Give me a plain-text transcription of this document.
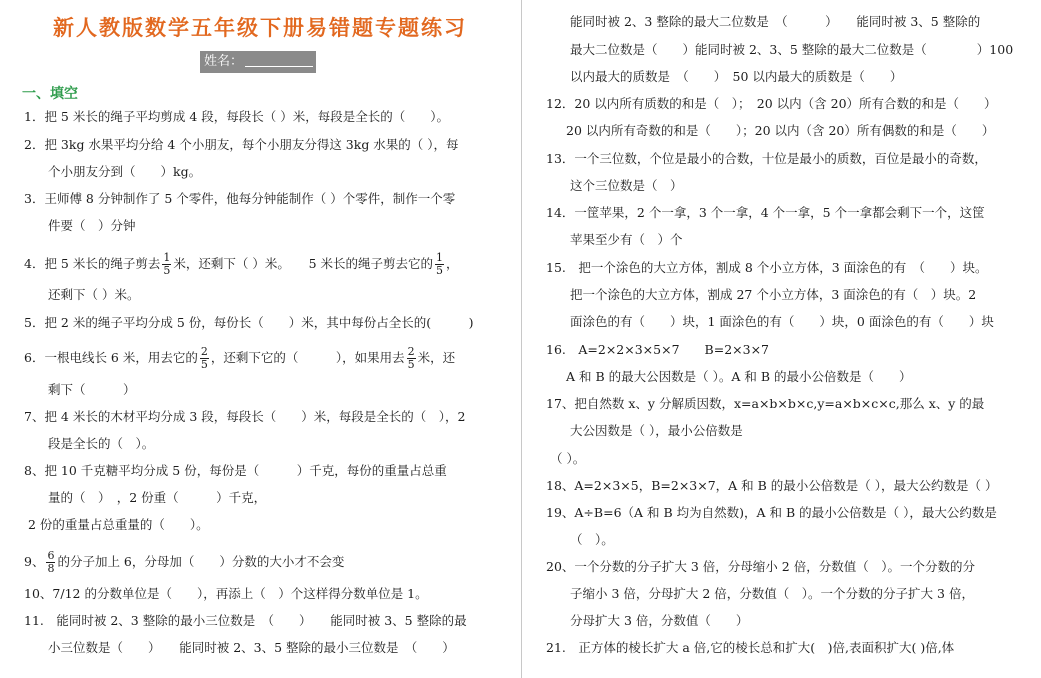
新人教版数学五年级下册易错题专题练习
姓名：
一、填空
1．把 5 米长的绳子平均剪成 4 段，每段长（ ）米，每段是全长的（　　）。
2．把 3kg 水果平均分给 4 个小朋友，每个小朋友分得这 3kg 水果的（ ），每
个小朋友分到（　　）kg。
3．王师傅 8 分钟制作了 5 个零件，他每分钟能制作（ ）个零件，制作一个零
件要（　）分钟
4．把 5 米长的绳子剪去 $\frac{1}{5}$ 米，还剩下（ ）米。　　5 米长的绳子剪去它的 $\frac{1}{5}$ ，
还剩下（ ）米。
5．把 2 米的绳子平均分成 5 份，每份长（　　）米，其中每份占全长的(　　　)
6．一根电线长 6 米，用去它的 $\frac{2}{5}$ ，还剩下它的（　　　），如果用去 $\frac{2}{5}$ 米，还
剩下（　　　）
7、把 4 米长的木材平均分成 3 段，每段长（　　）米，每段是全长的（　），2
段是全长的（　）。
8、把 10 千克糖平均分成 5 份，每份是（　　　）千克，每份的重量占总重
量的（　）　，2 份重（　　　）千克，
2 份的重量占总重量的（　　）。
9、 $\frac{6}{8}$ 的分子加上 6，分母加（　　）分数的大小才不会变
10、7/12 的分数单位是（　　），再添上（　）个这样得分数单位是 1。
11.　能同时被 2、3 整除的最小三位数是　（　　）　　能同时被 3、5 整除的最
小三位数是（　　）　　能同时被 2、3、5 整除的最小三位数是　（　　）
能同时被 2、3 整除的最大二位数是　（　　　）　　能同时被 3、5 整除的
最大二位数是（　　）能同时被 2、3、5 整除的最大二位数是（　　　　）100
以内最大的质数是　（　　）　50 以内最大的质数是（　　）
12．20 以内所有质数的和是（　）；　20 以内（含 20）所有合数的和是（　　）
20 以内所有奇数的和是（　　）；20 以内（含 20）所有偶数的和是（　　）
13．一个三位数，个位是最小的合数，十位是最小的质数，百位是最小的奇数，
这个三位数是（　）
14．一筐苹果，2 个一拿，3 个一拿，4 个一拿，5 个一拿都会剩下一个，这筐
苹果至少有（　）个
15.　把一个涂色的大立方体，割成 8 个小立方体，3 面涂色的有　（　　）块。
把一个涂色的大立方体，割成 27 个小立方体，3 面涂色的有（　）块。2
面涂色的有（　　）块，1 面涂色的有（　　）块，0 面涂色的有（　　）块
16.　A=2×2×3×5×7　　B=2×3×7
A 和 B 的最大公因数是（ ）。A 和 B 的最小公倍数是（　　）
17、把自然数 x、y 分解质因数，x=a×b×b×c,y=a×b×c×c,那么 x、y 的最
大公因数是（ ），最小公倍数是
（ ）。
18、A=2×3×5，B=2×3×7，A 和 B 的最小公倍数是（ ），最大公约数是（ ）
19、A÷B=6（A 和 B 均为自然数)，A 和 B 的最小公倍数是（ ），最大公约数是
（　）。
20、一个分数的分子扩大 3 倍，分母缩小 2 倍，分数值（　）。一个分数的分
子缩小 3 倍，分母扩大 2 倍，分数值（　）。一个分数的分子扩大 3 倍，
分母扩大 3 倍，分数值（　　）
21.　正方体的棱长扩大 a 倍,它的棱长总和扩大(　)倍,表面积扩大( )倍,体
